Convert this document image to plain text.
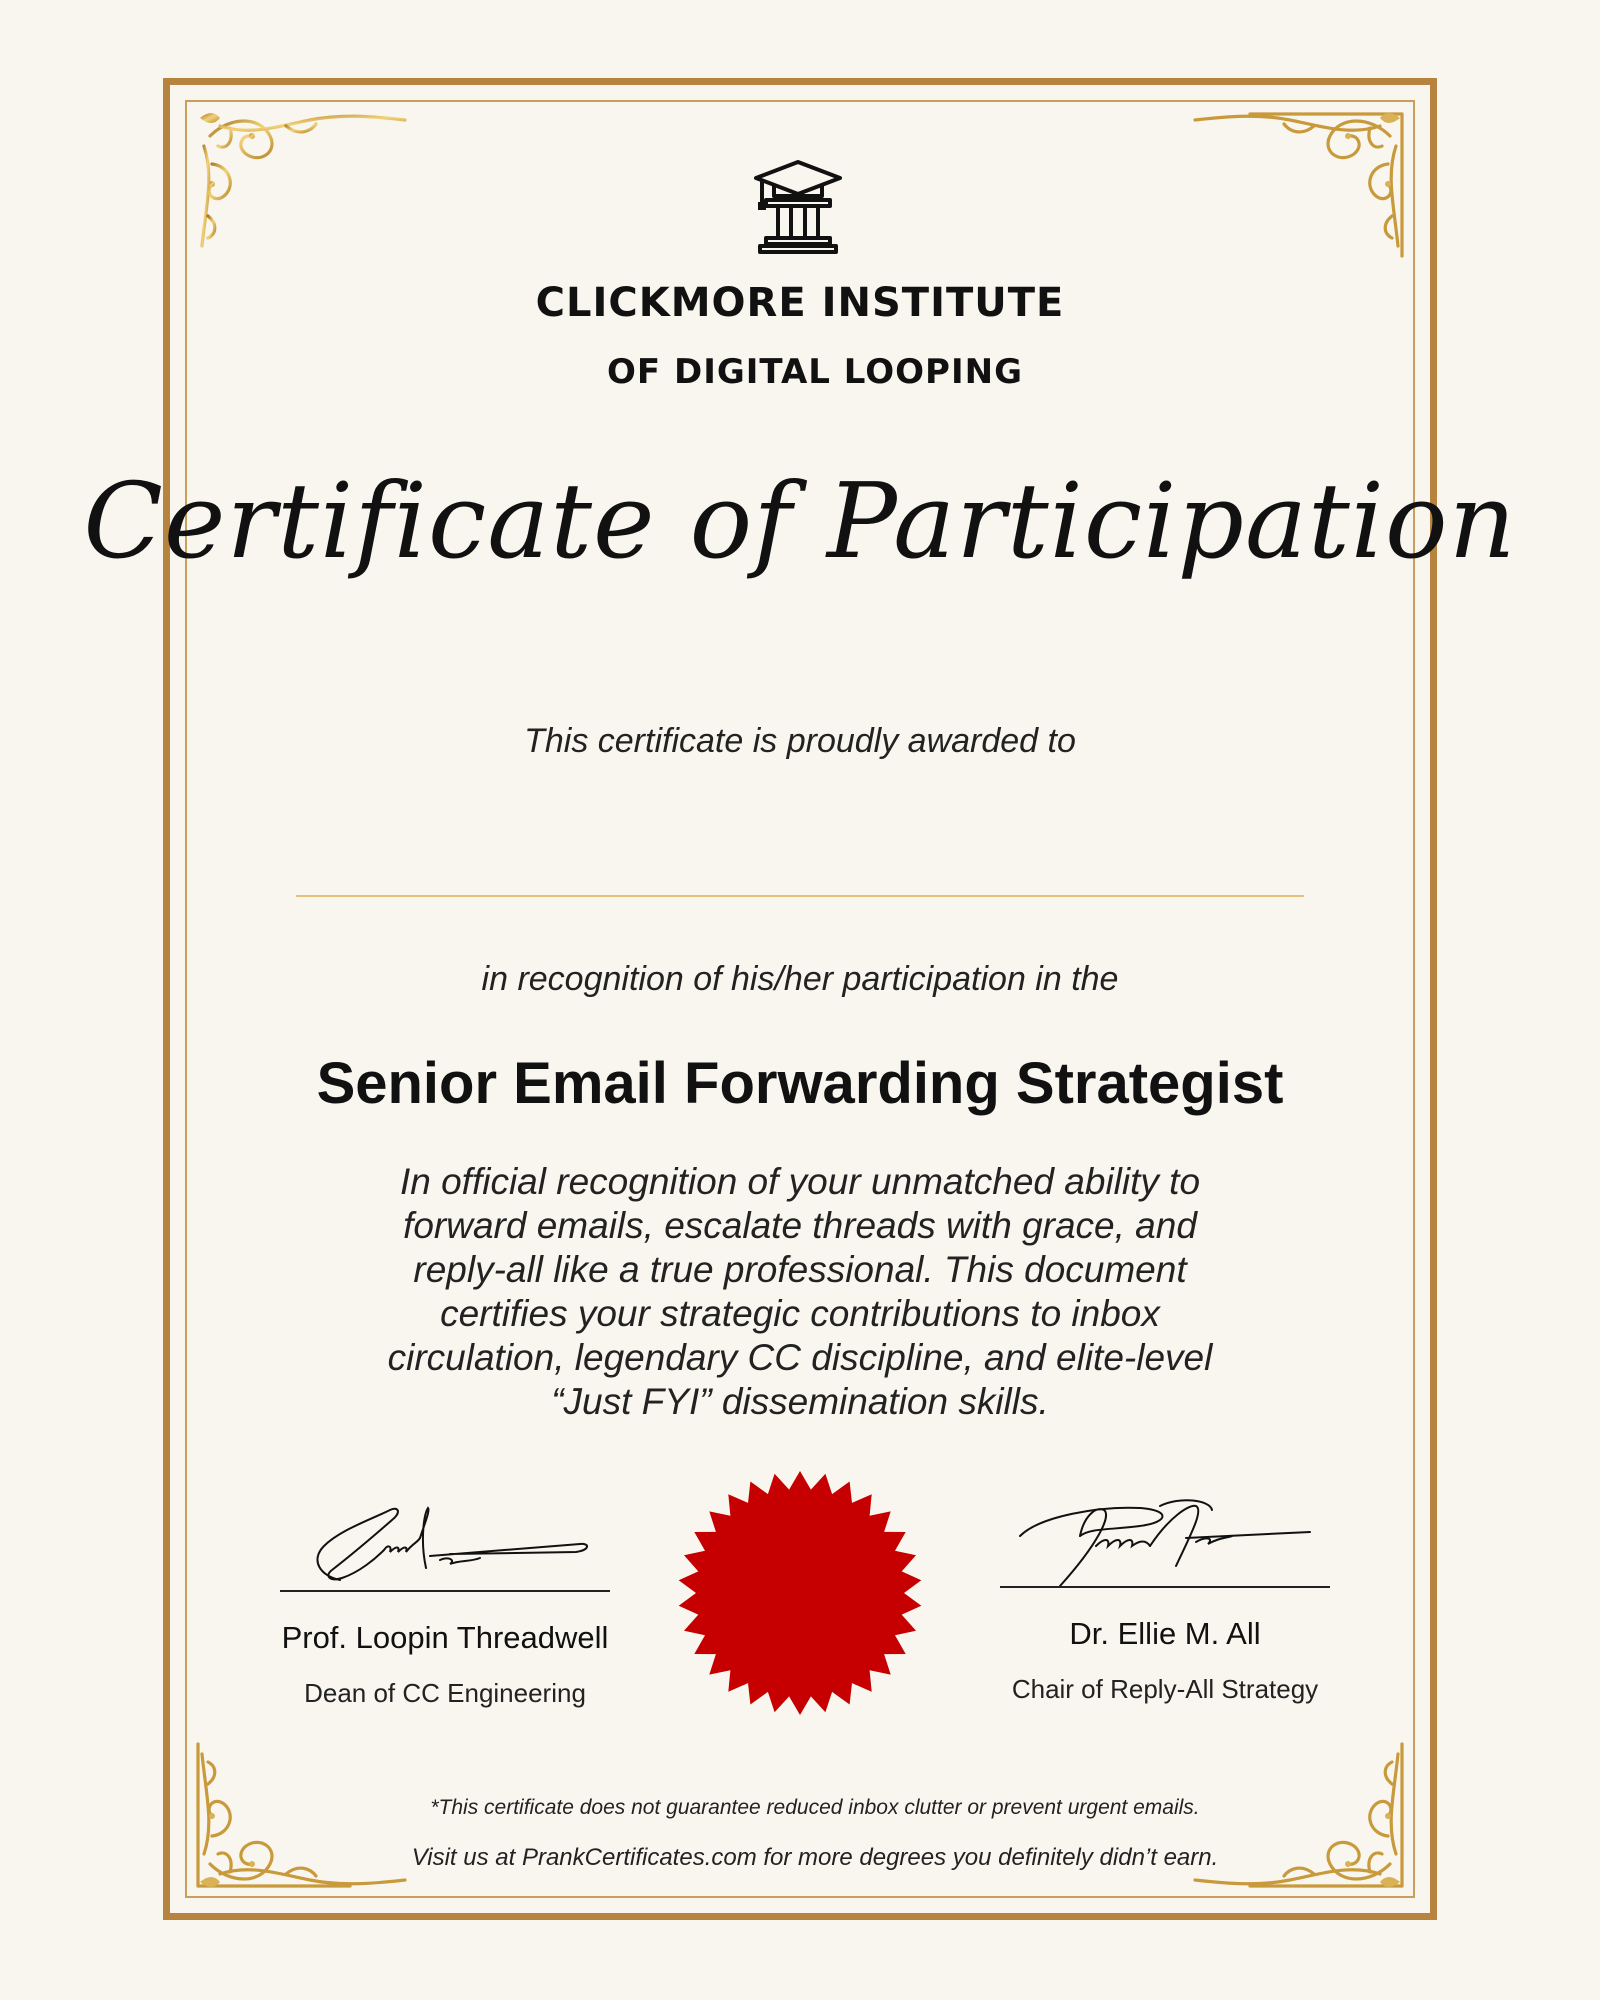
CLICKMORE INSTITUTE
OF DIGITAL LOOPING
Certificate of Participation
This certificate is proudly awarded to
in recognition of his/her participation in the
Senior Email Forwarding Strategist
In official recognition of your unmatched ability to forward emails, escalate threads with grace, and reply-all like a true professional. This document certifies your strategic contributions to inbox circulation, legendary CC discipline, and elite-level “Just FYI” dissemination skills.
Prof. Loopin Threadwell
Dean of CC Engineering
Dr. Ellie M. All
Chair of Reply-All Strategy
*This certificate does not guarantee reduced inbox clutter or prevent urgent emails.
Visit us at PrankCertificates.com for more degrees you definitely didn’t earn.
